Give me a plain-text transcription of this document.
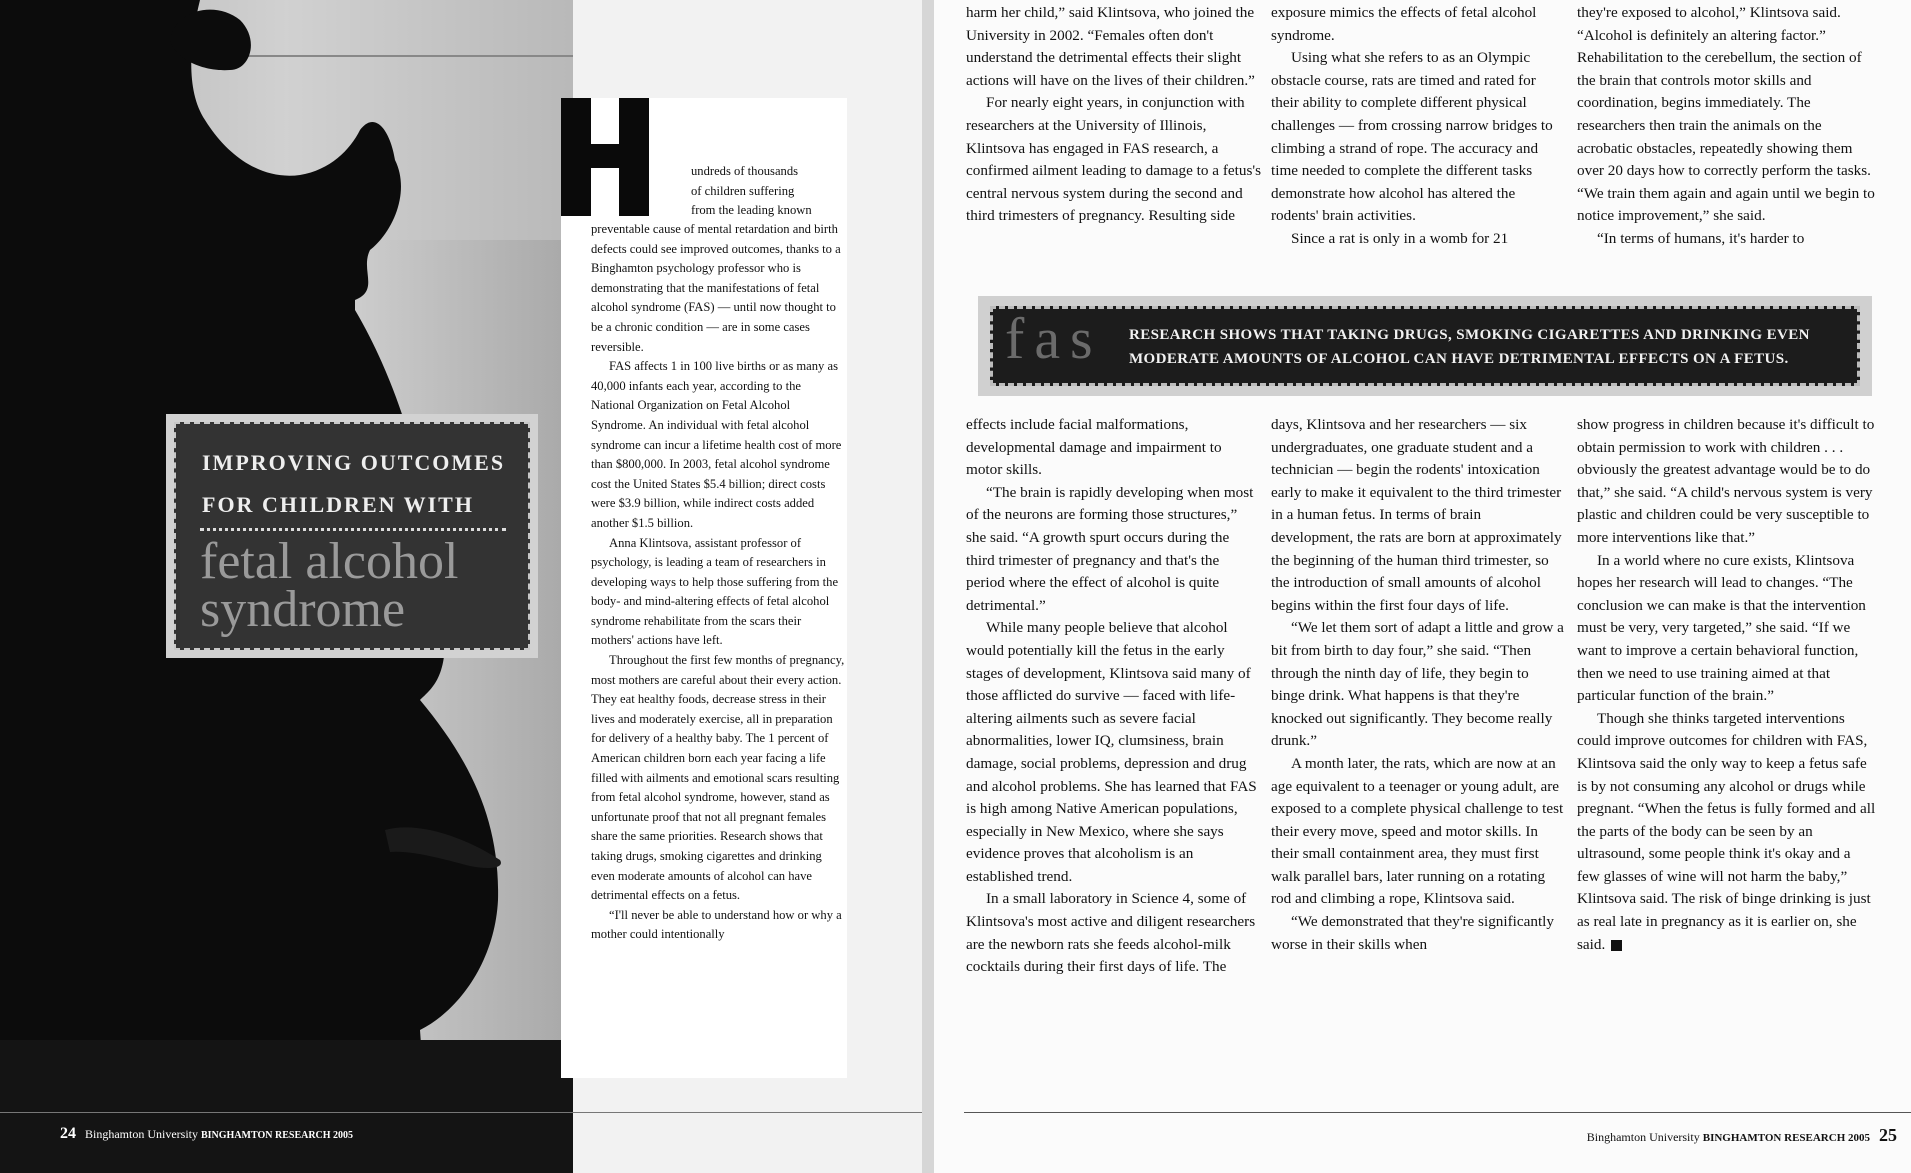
IMPROVING OUTCOMES
FOR CHILDREN WITH
fetal alcohol
syndrome
H	undreds of thousands
of children suffering
from the leading known

preventable cause of mental retardation and birth defects could see improved outcomes, thanks to a Binghamton psychology professor who is demonstrating that the manifestations of fetal alcohol syndrome (FAS) — until now thought to be a chronic condition — are in some cases reversible.

FAS affects 1 in 100 live births or as many as 40,000 infants each year, according to the National Organization on Fetal Alcohol Syndrome. An individual with fetal alcohol syndrome can incur a lifetime health cost of more than $800,000. In 2003, fetal alcohol syndrome cost the United States $5.4 billion; direct costs were $3.9 billion, while indirect costs added another $1.5 billion.

Anna Klintsova, assistant professor of psychology, is leading a team of researchers in developing ways to help those suffering from the body- and mind-altering effects of fetal alcohol syndrome rehabilitate from the scars their mothers' actions have left.

Throughout the first few months of pregnancy, most mothers are careful about their every action. They eat healthy foods, decrease stress in their lives and moderately exercise, all in preparation for delivery of a healthy baby. The 1 percent of American children born each year facing a life filled with ailments and emotional scars resulting from fetal alcohol syndrome, however, stand as unfortunate proof that not all pregnant females share the same priorities. Research shows that taking drugs, smoking cigarettes and drinking even moderate amounts of alcohol can have detrimental effects on a fetus.

“I'll never be able to understand how or why a mother could intentionally

24 Binghamton University BINGHAMTON RESEARCH 2005

harm her child,” said Klintsova, who joined the University in 2002. “Females often don't understand the detrimental effects their slight actions will have on the lives of their children.”

For nearly eight years, in conjunction with researchers at the University of Illinois, Klintsova has engaged in FAS research, a confirmed ailment leading to damage to a fetus's central nervous system during the second and third trimesters of pregnancy. Resulting side

exposure mimics the effects of fetal alcohol syndrome.

Using what she refers to as an Olympic obstacle course, rats are timed and rated for their ability to complete different physical challenges — from crossing narrow bridges to climbing a strand of rope. The accuracy and time needed to complete the different tasks demonstrate how alcohol has altered the rodents' brain activities.

Since a rat is only in a womb for 21

they're exposed to alcohol,” Klintsova said. “Alcohol is definitely an altering factor.” Rehabilitation to the cerebellum, the section of the brain that controls motor skills and coordination, begins immediately. The researchers then train the animals on the acrobatic obstacles, repeatedly showing them over 20 days how to correctly perform the tasks. “We train them again and again until we begin to notice improvement,” she said.

“In terms of humans, it's harder to

fas RESEARCH SHOWS THAT TAKING DRUGS, SMOKING CIGARETTES AND DRINKING EVEN MODERATE AMOUNTS OF ALCOHOL CAN HAVE DETRIMENTAL EFFECTS ON A FETUS.

effects include facial malformations, developmental damage and impairment to motor skills.

“The brain is rapidly developing when most of the neurons are forming those structures,” she said. “A growth spurt occurs during the third trimester of pregnancy and that's the period where the effect of alcohol is quite detrimental.”

While many people believe that alcohol would potentially kill the fetus in the early stages of development, Klintsova said many of those afflicted do survive — faced with life-altering ailments such as severe facial abnormalities, lower IQ, clumsiness, brain damage, social problems, depression and drug and alcohol problems. She has learned that FAS is high among Native American populations, especially in New Mexico, where she says evidence proves that alcoholism is an established trend.

In a small laboratory in Science 4, some of Klintsova's most active and diligent researchers are the newborn rats she feeds alcohol-milk cocktails during their first days of life. The

days, Klintsova and her researchers — six undergraduates, one graduate student and a technician — begin the rodents' intoxication early to make it equivalent to the third trimester in a human fetus. In terms of brain development, the rats are born at approximately the beginning of the human third trimester, so the introduction of small amounts of alcohol begins within the first four days of life.

“We let them sort of adapt a little and grow a bit from birth to day four,” she said. “Then through the ninth day of life, they begin to binge drink. What happens is that they're knocked out significantly. They become really drunk.”

A month later, the rats, which are now at an age equivalent to a teenager or young adult, are exposed to a complete physical challenge to test their every move, speed and motor skills. In their small containment area, they must first walk parallel bars, later running on a rotating rod and climbing a rope, Klintsova said.

“We demonstrated that they're significantly worse in their skills when

show progress in children because it's difficult to obtain permission to work with children . . . obviously the greatest advantage would be to do that,” she said. “A child's nervous system is very plastic and children could be very susceptible to more interventions like that.”

In a world where no cure exists, Klintsova hopes her research will lead to changes. “The conclusion we can make is that the intervention must be very, very targeted,” she said. “If we want to improve a certain behavioral function, then we need to use training aimed at that particular function of the brain.”

Though she thinks targeted interventions could improve outcomes for children with FAS, Klintsova said the only way to keep a fetus safe is by not consuming any alcohol or drugs while pregnant. “When the fetus is fully formed and all the parts of the body can be seen by an ultrasound, some people think it's okay and a few glasses of wine will not harm the baby,” Klintsova said. The risk of binge drinking is just as real late in pregnancy as it is earlier on, she said.

Binghamton University BINGHAMTON RESEARCH 2005 25
